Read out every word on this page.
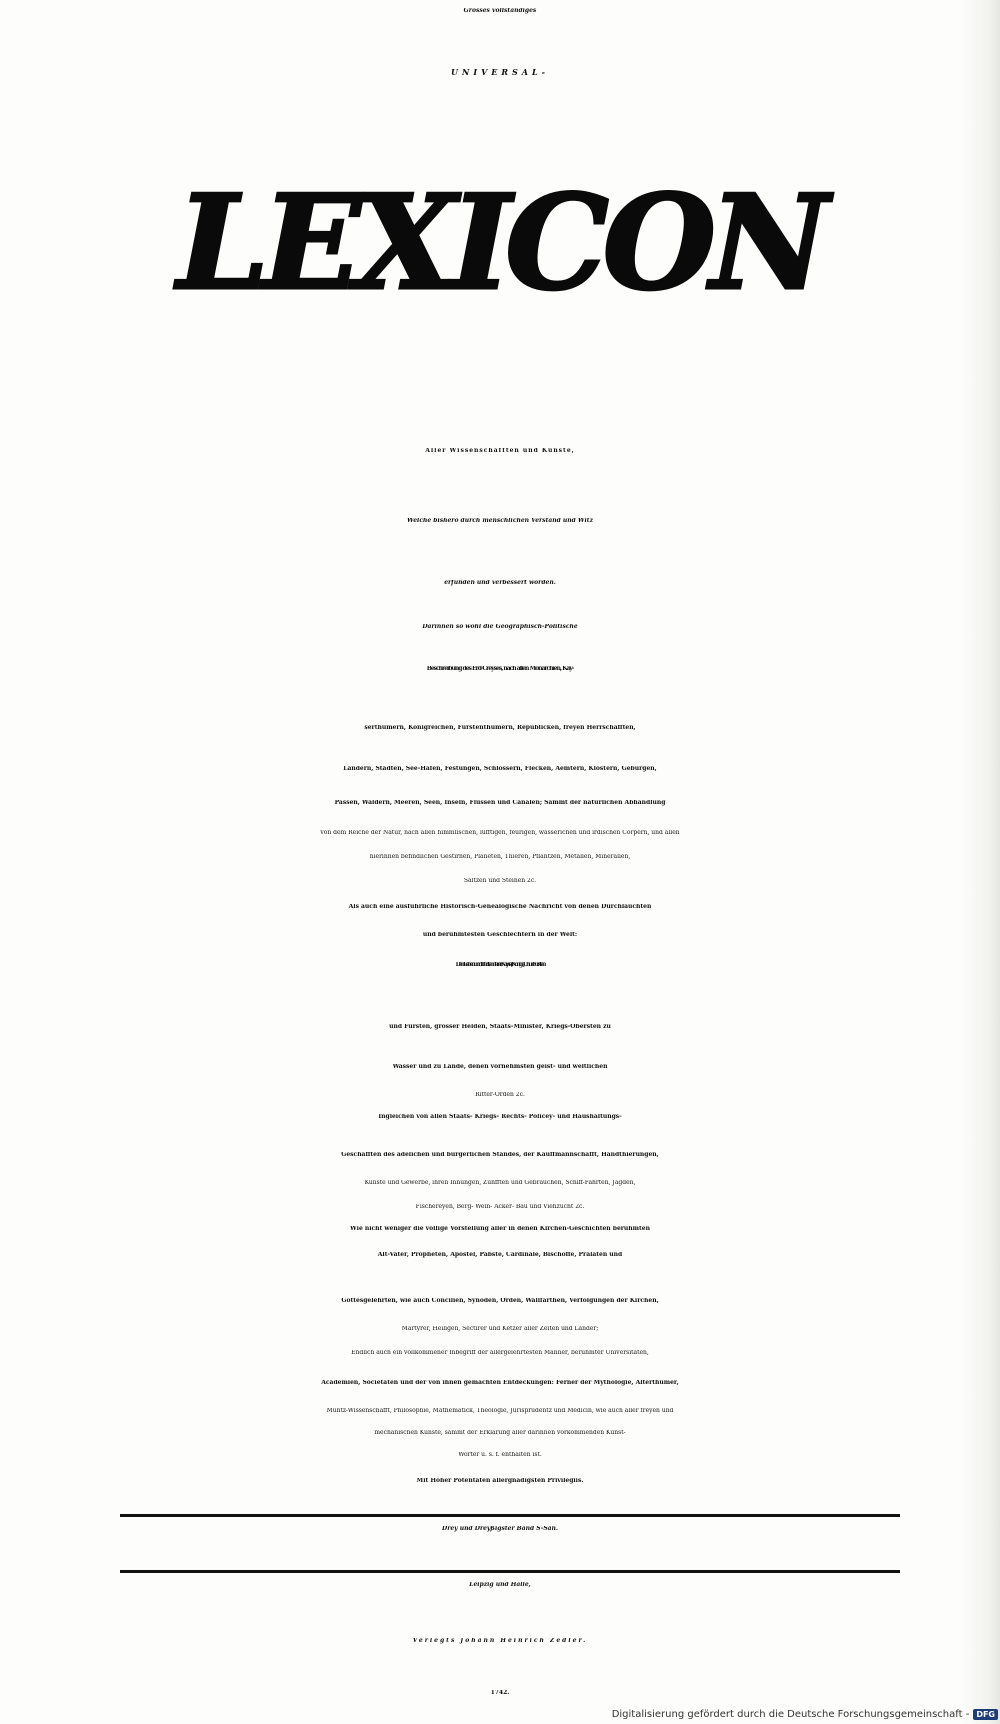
Grosses vollständiges
UNIVERSAL-
LEXICON
Aller Wissenschafften und Künste,
Welche bishero durch menschlichen Verstand und Witz
erfunden und verbessert worden.
Darinnen so wohl die Geographisch-Politische
Beschreibung des Erd-Creyses, nach allen Monarchien, Kay-
serthümern, Königreichen, Fürstenthümern, Republicken, freyen Herrschafften,
Ländern, Städten, See-Häfen, Festungen, Schlössern, Flecken, Aemtern, Klöstern, Gebürgen,
Pässen, Wäldern, Meeren, Seen, Inseln, Flüssen und Canälen; Sammt der natürlichen Abhandlung
von dem Reiche der Natur, nach allen himmlischen, lüfftigen, feurigen, wässerichen und irdischen Cörpern, und allen
hierinnen befindlichen Gestirnen, Planeten, Thieren, Pflantzen, Metallen, Mineralien,
Saltzen und Steinen 2c.
Als auch eine ausführliche Historisch-Genealogische Nachricht von denen Durchlauchten
und berühmtesten Geschlechtern in der Welt:
Den Leben und Thaten derer Kayser, Könige, Chur-Fürsten
und Fürsten, grosser Helden, Staats-Minister, Kriegs-Obersten zu
Wasser und zu Lande, denen vornehmsten geist- und weltlichen
Ritter-Orden 2c.
Ingleichen von allen Staats- Kriegs- Rechts- Policey- und Haushaltungs-
Geschäfften des adelichen und bürgerlichen Standes, der Kauffmannschafft, Handthierungen,
Künste und Gewerbe, ihren Innungen, Zünfften und Gebräuchen, Schiff-Fahrten, Jagden,
Fischereyen, Berg- Wein- Acker- Bau und Viehzucht 2c.
Wie nicht weniger die völlige Vorstellung aller in denen Kirchen-Geschichten berühmten
Alt-Väter, Propheten, Apostel, Päbste, Cardinäle, Bischöffe, Prälaten und
Gottesgelehrten, wie auch Concilien, Synoden, Orden, Wallfarthen, Verfolgungen der Kirchen,
Märtyrer, Heiligen, Sectirer und Ketzer aller Zeiten und Länder;
Endlich auch ein vollkommener Inbegriff der allergelehrtesten Männer, berühmter Universitäten,
Academien, Societäten und der von ihnen gemachten Entdeckungen: Ferner der Mythologie, Alterthümer,
Müntz-Wissenschafft, Philosophie, Mathematick, Theologie, Jurisprudentz und Medicin, wie auch aller freyen und
mechanischen Künste, sammt der Erklärung aller darinnen vorkommenden Kunst-
Wörter u. s. f. enthalten ist.
Mit Hoher Potentaten allergnädigsten Privilegiis.
Drey und Dreyßigster Band S-San.
Leipzig und Halle,
Verlegts Johann Heinrich Zedler.
1742.
Digitalisierung gefördert durch die Deutsche Forschungsgemeinschaft - DFG
